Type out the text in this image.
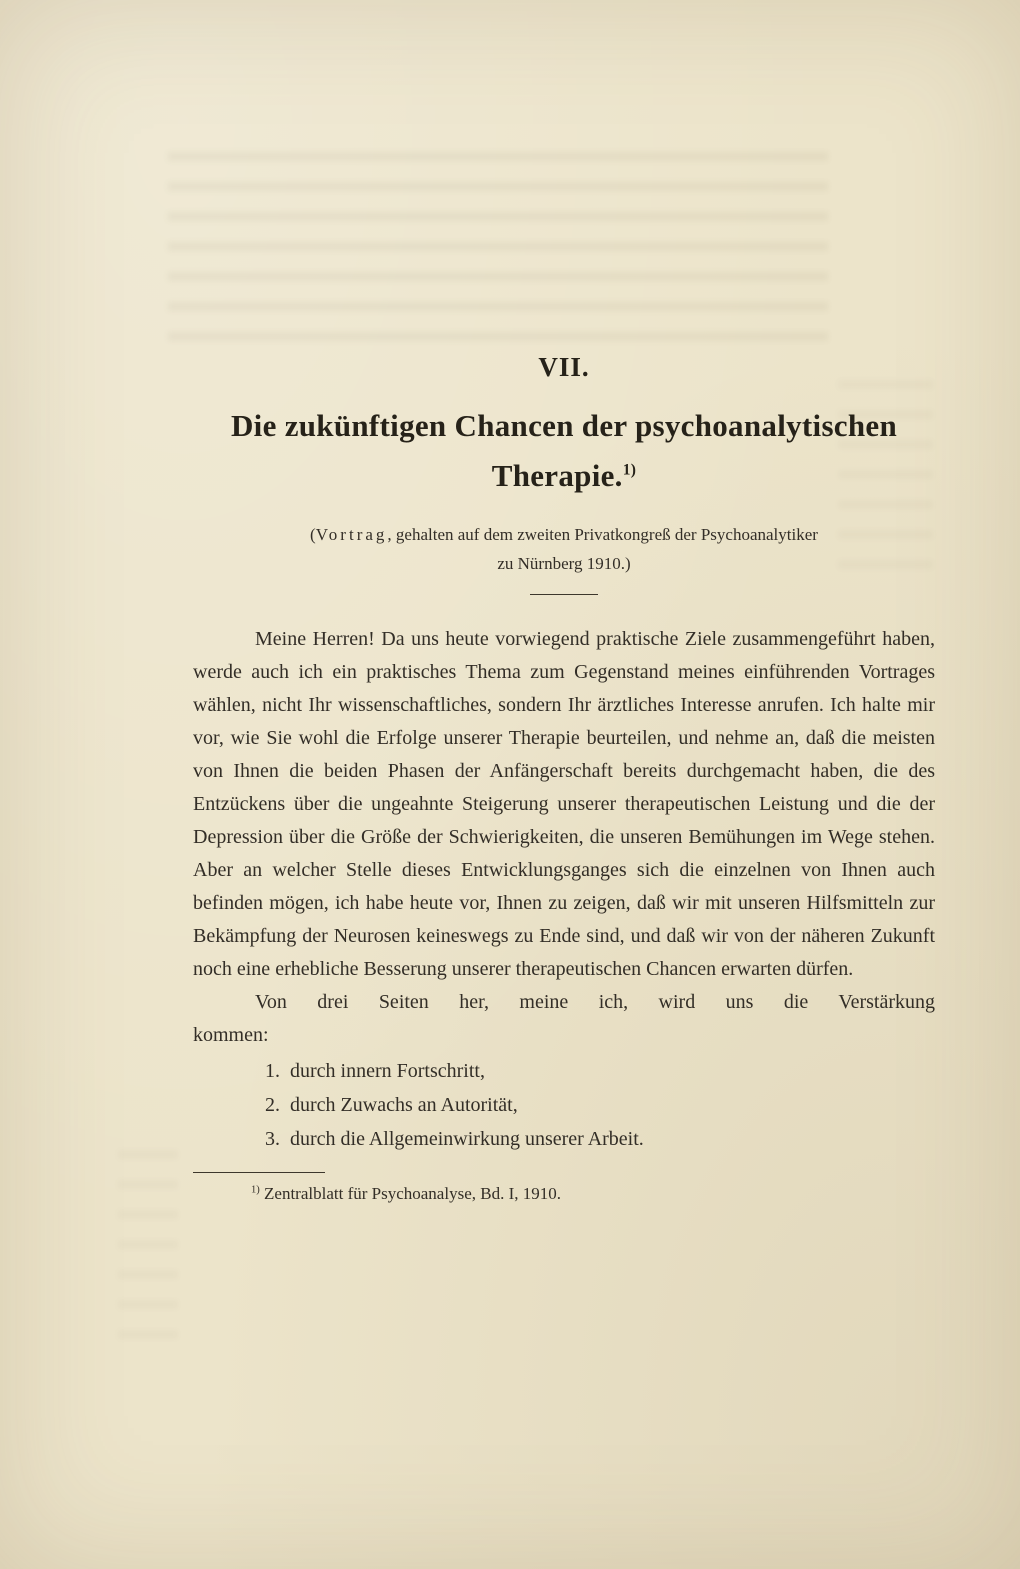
VII.
Die zukünftigen Chancen der psychoanalytischen
Therapie.$^{1)}$
(Vortrag, gehalten auf dem zweiten Privatkongreß der Psychoanalytiker
zu Nürnberg 1910.)

Meine Herren! Da uns heute vorwiegend praktische Ziele zusammengeführt haben, werde auch ich ein praktisches Thema zum Gegenstand meines einführenden Vortrages wählen, nicht Ihr wissenschaftliches, sondern Ihr ärztliches Interesse anrufen. Ich halte mir vor, wie Sie wohl die Erfolge unserer Therapie beurteilen, und nehme an, daß die meisten von Ihnen die beiden Phasen der Anfängerschaft bereits durchgemacht haben, die des Entzückens über die ungeahnte Steigerung unserer therapeutischen Leistung und die der Depression über die Größe der Schwierigkeiten, die unseren Bemühungen im Wege stehen. Aber an welcher Stelle dieses Entwicklungsganges sich die einzelnen von Ihnen auch befinden mögen, ich habe heute vor, Ihnen zu zeigen, daß wir mit unseren Hilfsmitteln zur Bekämpfung der Neurosen keineswegs zu Ende sind, und daß wir von der näheren Zukunft noch eine erhebliche Besserung unserer therapeutischen Chancen erwarten dürfen.

Von drei Seiten her, meine ich, wird uns die Verstärkung
kommen:

1. durch innern Fortschritt,
2. durch Zuwachs an Autorität,
3. durch die Allgemeinwirkung unserer Arbeit.

$^{1)}$ Zentralblatt für Psychoanalyse, Bd. I, 1910.
